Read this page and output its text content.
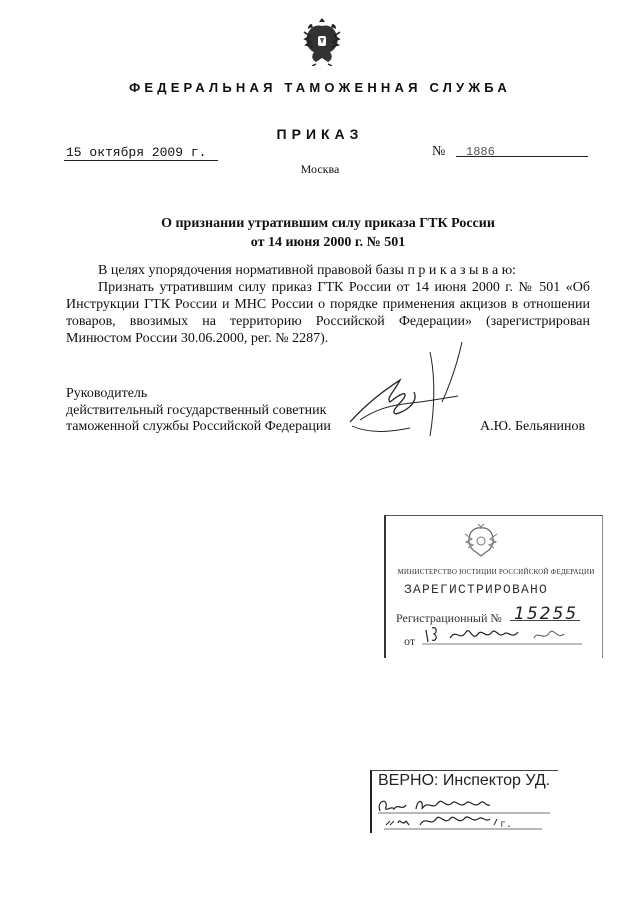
ФЕДЕРАЛЬНАЯ ТАМОЖЕННАЯ СЛУЖБА
ПРИКАЗ
15 октября 2009 г.	№ 1886
Москва
О признании утратившим силу приказа ГТК России
от 14 июня 2000 г. № 501

В целях упорядочения нормативной правовой базы п р и к а з ы в а ю:

Признать утратившим силу приказ ГТК России от 14 июня 2000 г. № 501 «Об Инструкции ГТК России и МНС России о порядке применения акцизов в отношении товаров, ввозимых на территорию Российской Федерации» (зарегистрирован Минюстом России 30.06.2000, рег. № 2287).

Руководитель
действительный государственный советник
таможенной службы Российской Федерации	А.Ю. Бельянинов
МИНИСТЕРСТВО ЮСТИЦИИ РОССИЙСКОЙ ФЕДЕРАЦИИ
ЗАРЕГИСТРИРОВАНО
Регистрационный № 15255
от
ВЕРНО: Инспектор УД.
г.
